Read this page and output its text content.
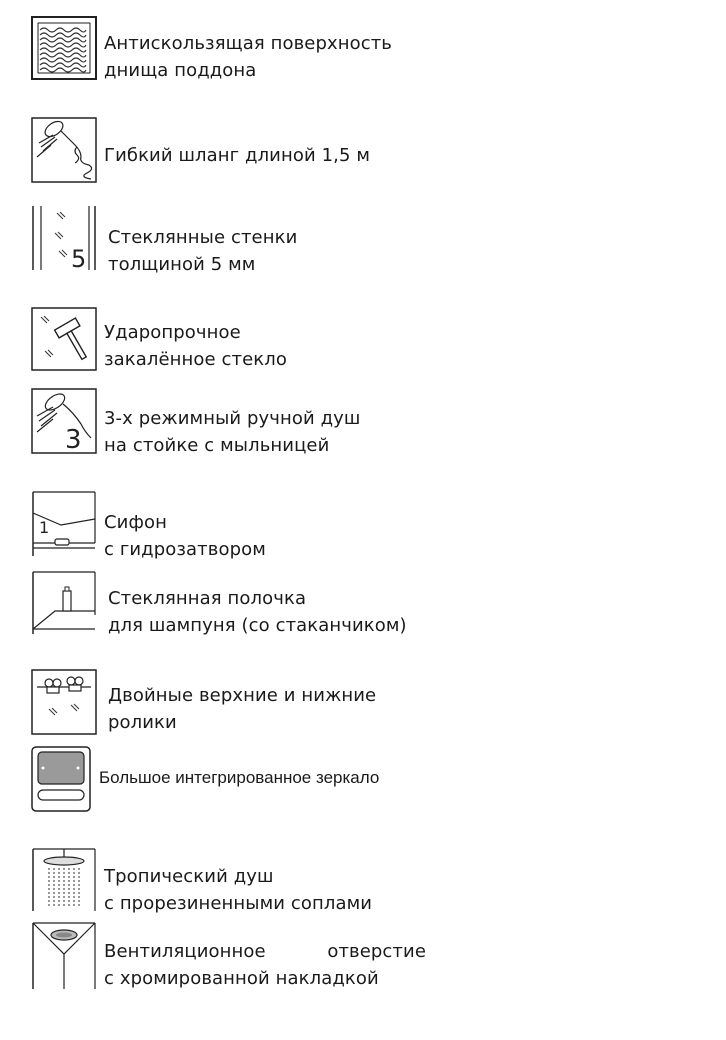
Антискользящая поверхность
днища поддона
Гибкий шланг длиной 1,5 м
5
Стеклянные стенки
толщиной 5 мм
Ударопрочное
закалённое стекло
3
3-х режимный ручной душ
на стойке с мыльницей
1	Сифон
с гидрозатвором
Стеклянная полочка
для шампуня (со стаканчиком)
Двойные верхние и нижние
ролики
Большое интегрированное зеркало
Тропический душ
с прорезиненными соплами
Вентиляционное	отверстие
с хромированной накладкой
